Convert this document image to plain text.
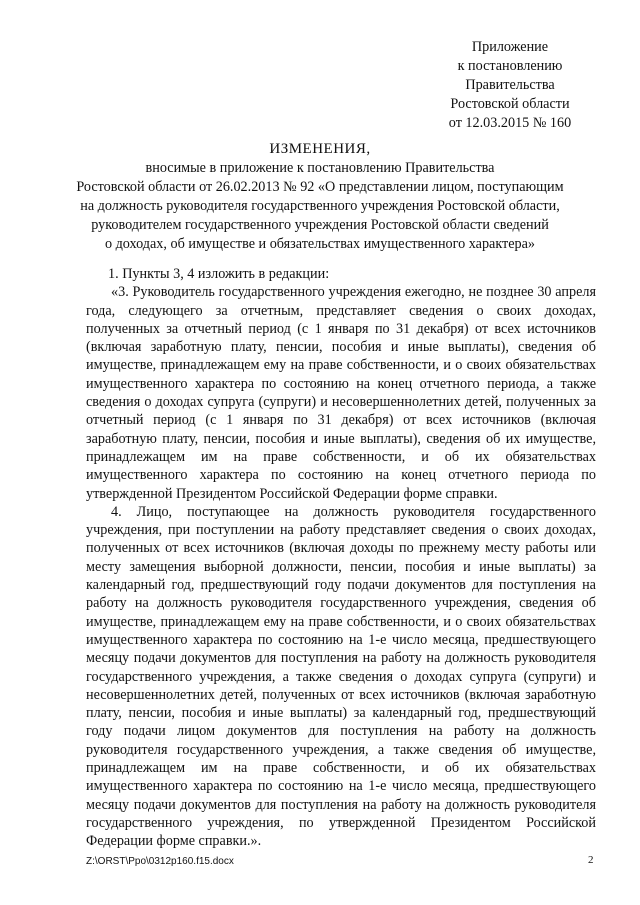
Приложение
к постановлению
Правительства
Ростовской области
от 12.03.2015 № 160
ИЗМЕНЕНИЯ,
вносимые в приложение к постановлению Правительства
Ростовской области от 26.02.2013 № 92 «О представлении лицом, поступающим
на должность руководителя государственного учреждения Ростовской области,
руководителем государственного учреждения Ростовской области сведений
о доходах, об имуществе и обязательствах имущественного характера»

1. Пункты 3, 4 изложить в редакции:

«3. Руководитель государственного учреждения ежегодно, не позднее 30 апреля года, следующего за отчетным, представляет сведения о своих доходах, полученных за отчетный период (с 1 января по 31 декабря) от всех источников (включая заработную плату, пенсии, пособия и иные выплаты), сведения об имуществе, принадлежащем ему на праве собственности, и о своих обязательствах имущественного характера по состоянию на конец отчетного периода, а также сведения о доходах супруга (супруги) и несовершеннолетних детей, полученных за отчетный период (с 1 января по 31 декабря) от всех источников (включая заработную плату, пенсии, пособия и иные выплаты), сведения об их имуществе, принадлежащем им на праве собственности, и об их обязательствах имущественного характера по состоянию на конец отчетного периода по утвержденной Президентом Российской Федерации форме справки.

4. Лицо, поступающее на должность руководителя государственного учреждения, при поступлении на работу представляет сведения о своих доходах, полученных от всех источников (включая доходы по прежнему месту работы или месту замещения выборной должности, пенсии, пособия и иные выплаты) за календарный год, предшествующий году подачи документов для поступления на работу на должность руководителя государственного учреждения, сведения об имуществе, принадлежащем ему на праве собственности, и о своих обязательствах имущественного характера по состоянию на 1-е число месяца, предшествующего месяцу подачи документов для поступления на работу на должность руководителя государственного учреждения, а также сведения о доходах супруга (супруги) и несовершеннолетних детей, полученных от всех источников (включая заработную плату, пенсии, пособия и иные выплаты) за календарный год, предшествующий году подачи лицом документов для поступления на работу на должность руководителя государственного учреждения, а также сведения об имуществе, принадлежащем им на праве собственности, и об их обязательствах имущественного характера по состоянию на 1-е число месяца, предшествующего месяцу подачи документов для поступления на работу на должность руководителя государственного учреждения, по утвержденной Президентом Российской Федерации форме справки.».

Z:\ORST\Ppo\0312p160.f15.docx	2
